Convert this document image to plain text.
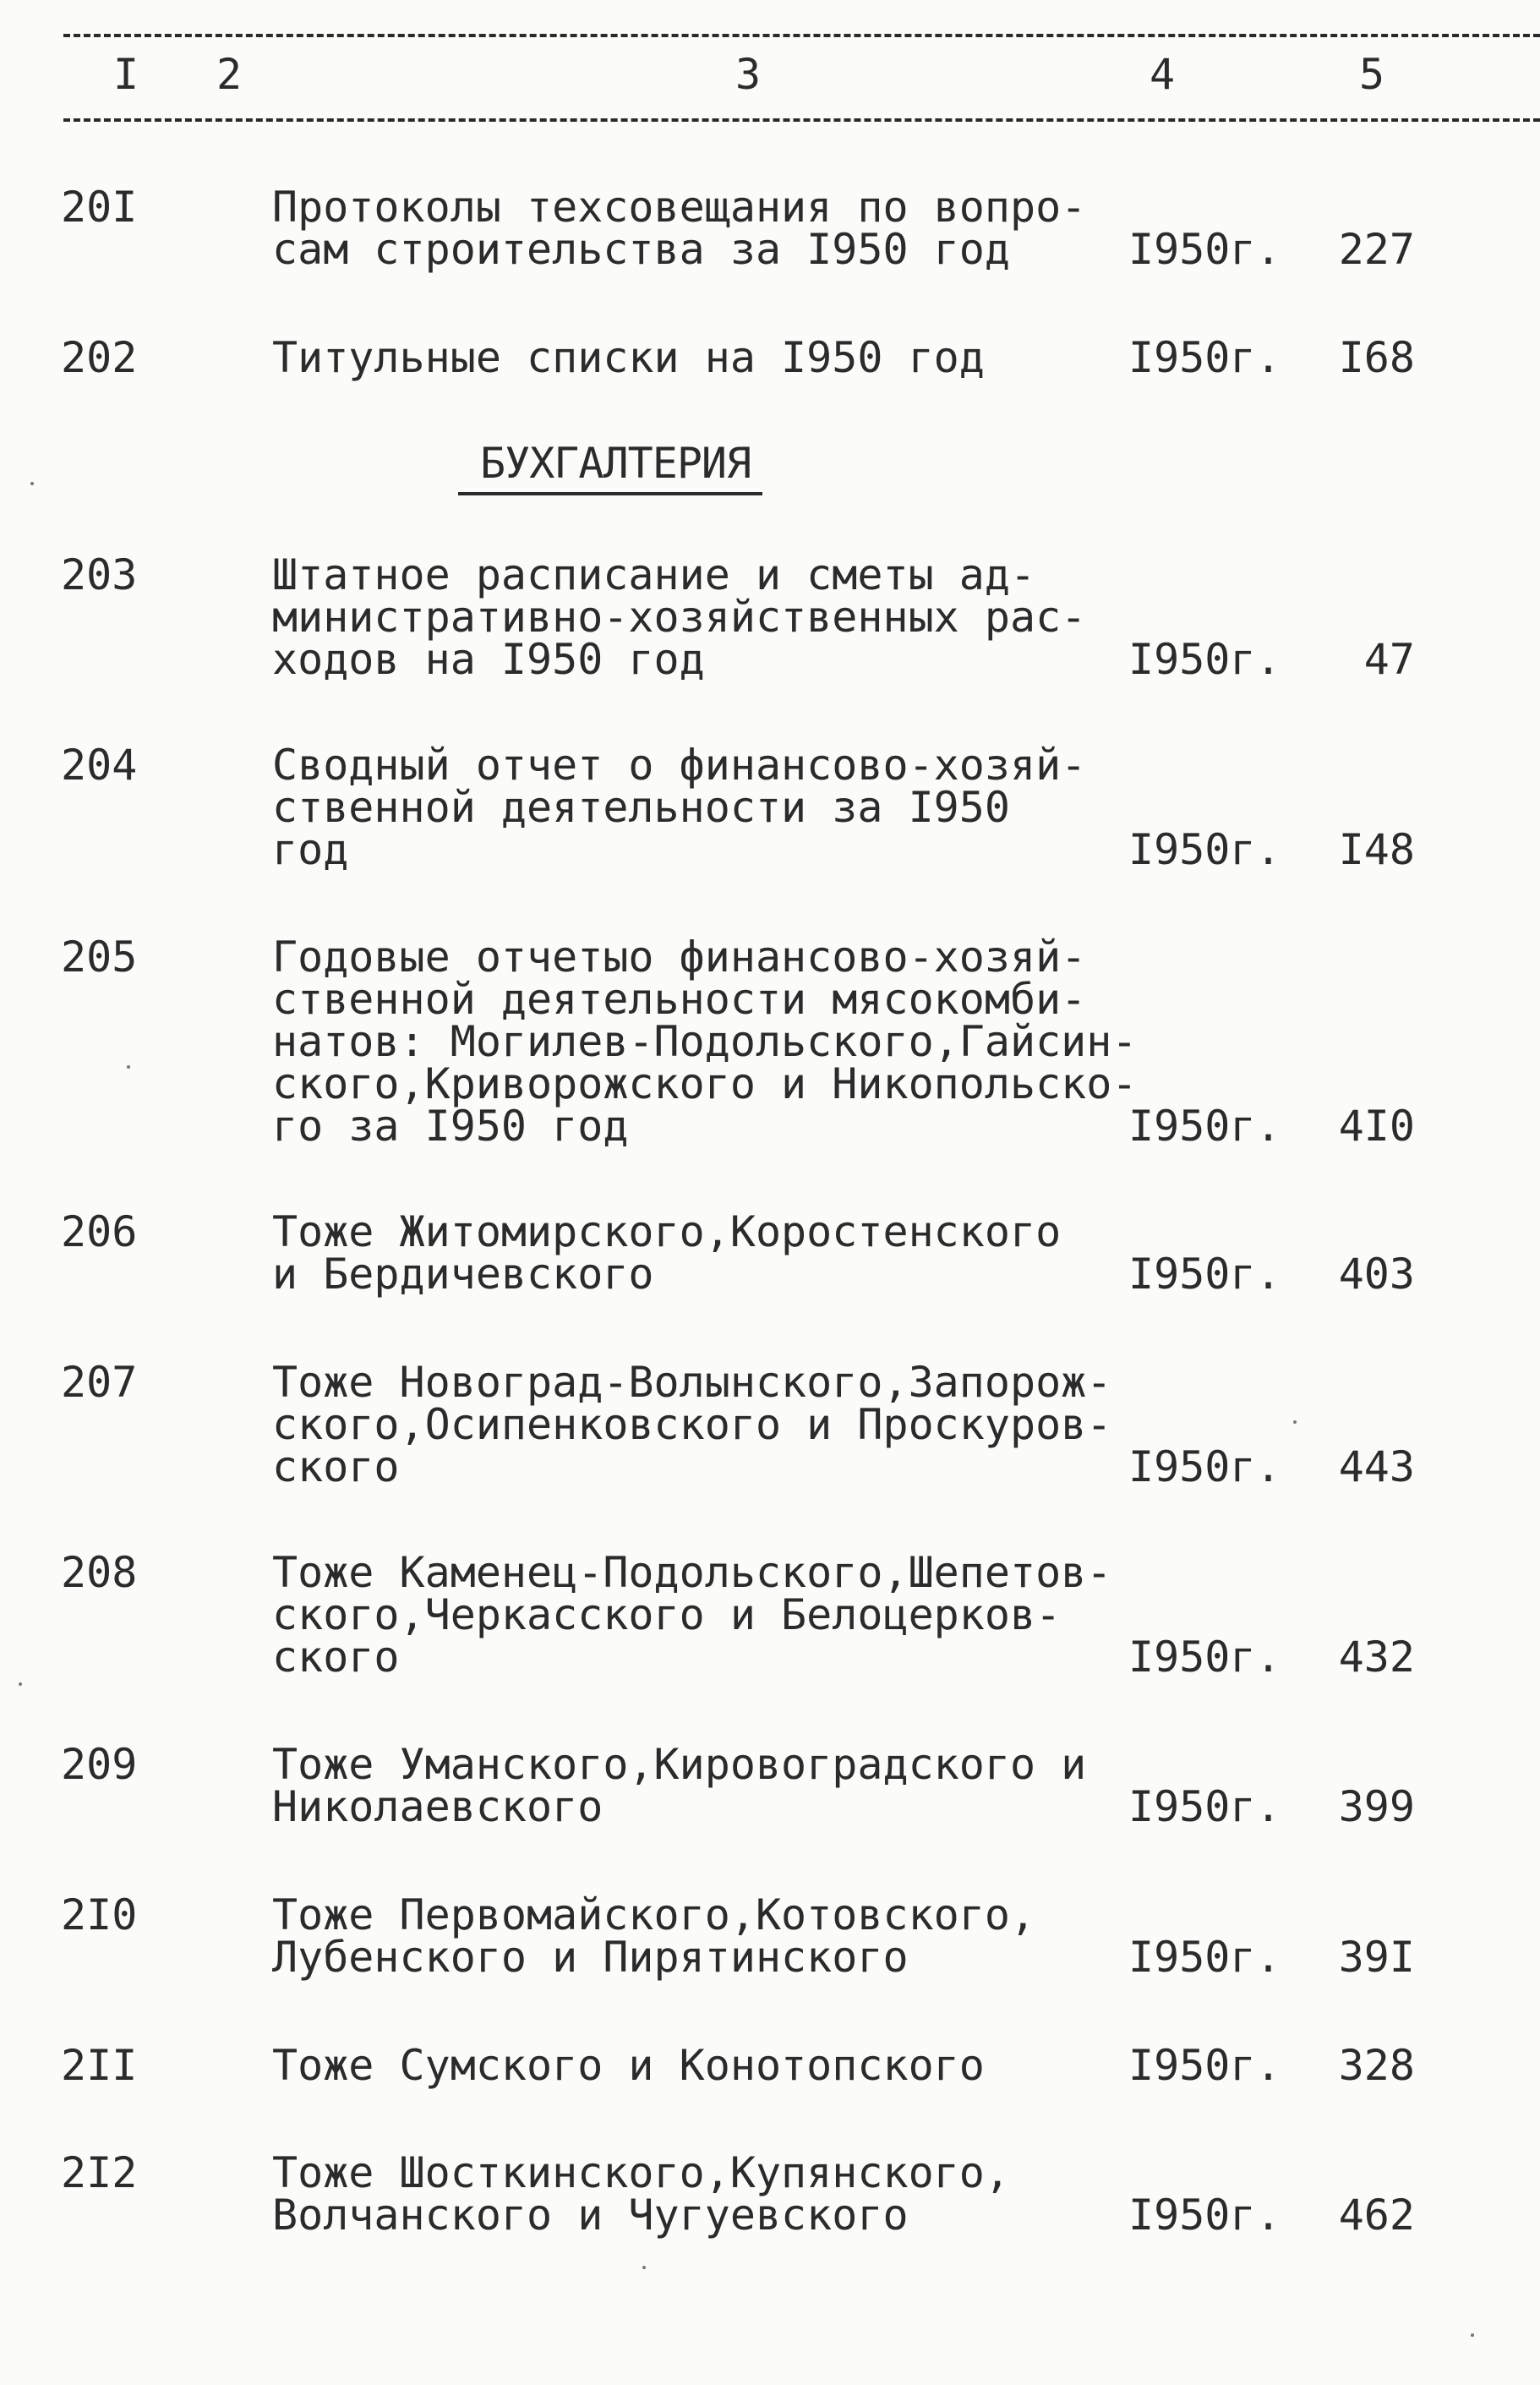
I 2	3	4	5
20I	Протоколы техсовещания по вопро-
сам строительства за I950 год	I950г. 227
202	Титульные списки на I950 год	I950г. I68
БУХГАЛТЕРИЯ
203	Штатное расписание и сметы ад-
министративно-хозяйственных рас-
ходов на I950 год	I950г.	47
204	Сводный отчет о финансово-хозяй-
ственной деятельности за I950
год	I950г. I48
205	Годовые отчетыо финансово-хозяй-
ственной деятельности мясокомби-
натов: Могилев-Подольского,Гайсин-
ского,Криворожского и Никопольско-
го за I950 год	I950г. 4I0
206	Тоже Житомирского,Коростенского
и Бердичевского	I950г. 403
207	Тоже Новоград-Волынского,Запорож-
ского,Осипенковского и Проскуров-
ского	I950г. 443
208	Тоже Каменец-Подольского,Шепетов-
ского,Черкасского и Белоцерков-
ского	I950г. 432
209	Тоже Уманского,Кировоградского и
Николаевского	I950г. 399
2I0	Тоже Первомайского,Котовского,
Лубенского и Пирятинского	I950г. 39I
2II	Тоже Сумского и Конотопского	I950г. 328
2I2	Тоже Шосткинского,Купянского,
Волчанского и Чугуевского	I950г. 462
